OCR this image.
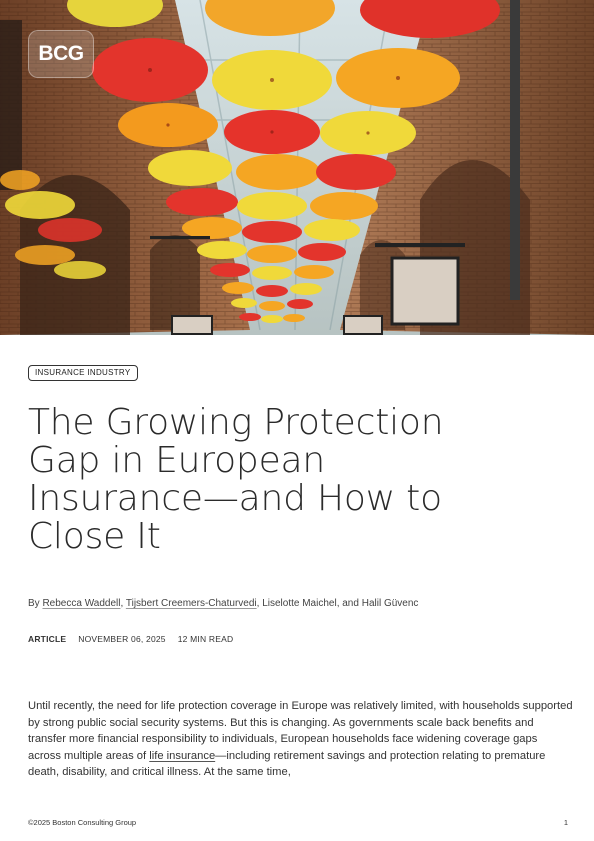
BCG
INSURANCE INDUSTRY
The Growing Protection Gap in European Insurance—and How to Close It
By Rebecca Waddell, Tijsbert Creemers-Chaturvedi, Liselotte Maichel, and Halil Güvenc
ARTICLE NOVEMBER 06, 2025 12 MIN READ

Until recently, the need for life protection coverage in Europe was relatively limited, with households supported by strong public social security systems. But this is changing. As governments scale back benefits and transfer more financial responsibility to individuals, European households face widening coverage gaps across multiple areas of life insurance—including retirement savings and protection relating to premature death, disability, and critical illness. At the same time,

©2025 Boston Consulting Group	1
